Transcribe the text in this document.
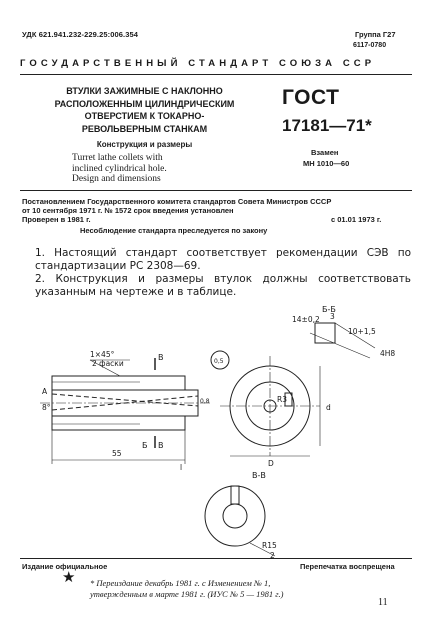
УДК 621.941.232-229.25:006.354	Группа Г27
6117-0780
ГОСУДАРСТВЕННЫЙ СТАНДАРТ СОЮЗА ССР
ВТУЛКИ ЗАЖИМНЫЕ С НАКЛОННО
РАСПОЛОЖЕННЫМ ЦИЛИНДРИЧЕСКИМ
ОТВЕРСТИЕМ К ТОКАРНО-
РЕВОЛЬВЕРНЫМ СТАНКАМ
Конструкция и размеры
Turret lathe collets with
inclined cylindrical hole.
Design and dimensions
ГОСТ
17181—71*
Взамен
МН 1010—60
Постановлением Государственного комитета стандартов Совета Министров СССР
от 10 сентября 1971 г. № 1572 срок введения установлен
Проверен в 1981 г.	с 01.01 1973 г.
Несоблюдение стандарта преследуется по закону
1. Настоящий стандарт соответствует рекомендации СЭВ по стандартизации РС 2308—69.
2. Конструкция и размеры втулок должны соответствовать указанным на чертеже и в таблице.
1×45°
2 фаски
В
Б В
8°
А
55
l
Б-Б
14±0,2
10+1,5
3
4H8
0,5
R3
d
D
В-В
R15
2
0,8
Издание официальное	Перепечатка воспрещена
★ * Переиздание декабрь 1981 г. с Изменением № 1,
утвержденным в марте 1981 г. (ИУС № 5 — 1981 г.)
11
